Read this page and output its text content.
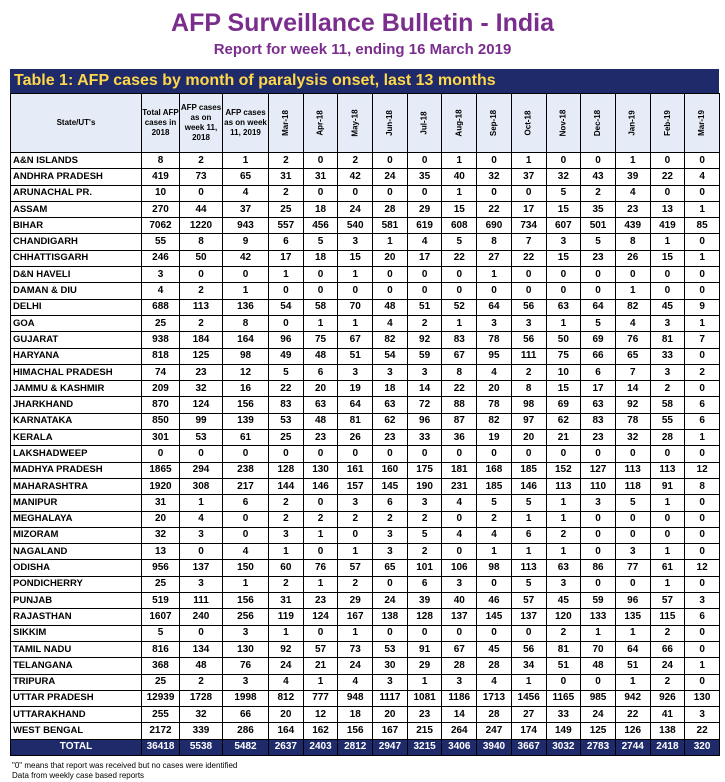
AFP Surveillance Bulletin - India
Report for week 11, ending 16 March 2019
Table 1: AFP cases by month of paralysis onset, last 13 months
State/UT's	Total AFP cases in 2018	AFP cases as on week 11, 2018	AFP cases as on week 11, 2019	Mar-18	Apr-18	May-18	Jun-18	Jul-18	Aug-18	Sep-18	Oct-18	Nov-18	Dec-18	Jan-19	Feb-19	Mar-19
A&N ISLANDS	8	2	1	2	0	2	0	0	1	0	1	0	0	1	0	0
ANDHRA PRADESH	419	73	65	31	31	42	24	35	40	32	37	32	43	39	22	4
ARUNACHAL PR.	10	0	4	2	0	0	0	0	1	0	0	5	2	4	0	0
ASSAM	270	44	37	25	18	24	28	29	15	22	17	15	35	23	13	1
BIHAR	7062	1220	943	557	456	540	581	619	608	690	734	607	501	439	419	85
CHANDIGARH	55	8	9	6	5	3	1	4	5	8	7	3	5	8	1	0
CHHATTISGARH	246	50	42	17	18	15	20	17	22	27	22	15	23	26	15	1
D&N HAVELI	3	0	0	1	0	1	0	0	0	1	0	0	0	0	0	0
DAMAN & DIU	4	2	1	0	0	0	0	0	0	0	0	0	0	1	0	0
DELHI	688	113	136	54	58	70	48	51	52	64	56	63	64	82	45	9
GOA	25	2	8	0	1	1	4	2	1	3	3	1	5	4	3	1
GUJARAT	938	184	164	96	75	67	82	92	83	78	56	50	69	76	81	7
HARYANA	818	125	98	49	48	51	54	59	67	95	111	75	66	65	33	0
HIMACHAL PRADESH	74	23	12	5	6	3	3	3	8	4	2	10	6	7	3	2
JAMMU & KASHMIR	209	32	16	22	20	19	18	14	22	20	8	15	17	14	2	0
JHARKHAND	870	124	156	83	63	64	63	72	88	78	98	69	63	92	58	6
KARNATAKA	850	99	139	53	48	81	62	96	87	82	97	62	83	78	55	6
KERALA	301	53	61	25	23	26	23	33	36	19	20	21	23	32	28	1
LAKSHADWEEP	0	0	0	0	0	0	0	0	0	0	0	0	0	0	0	0
MADHYA PRADESH	1865	294	238	128	130	161	160	175	181	168	185	152	127	113	113	12
MAHARASHTRA	1920	308	217	144	146	157	145	190	231	185	146	113	110	118	91	8
MANIPUR	31	1	6	2	0	3	6	3	4	5	5	1	3	5	1	0
MEGHALAYA	20	4	0	2	2	2	2	2	0	2	1	1	0	0	0	0
MIZORAM	32	3	0	3	1	0	3	5	4	4	6	2	0	0	0	0
NAGALAND	13	0	4	1	0	1	3	2	0	1	1	1	0	3	1	0
ODISHA	956	137	150	60	76	57	65	101	106	98	113	63	86	77	61	12
PONDICHERRY	25	3	1	2	1	2	0	6	3	0	5	3	0	0	1	0
PUNJAB	519	111	156	31	23	29	24	39	40	46	57	45	59	96	57	3
RAJASTHAN	1607	240	256	119	124	167	138	128	137	145	137	120	133	135	115	6
SIKKIM	5	0	3	1	0	1	0	0	0	0	0	2	1	1	2	0
TAMIL NADU	816	134	130	92	57	73	53	91	67	45	56	81	70	64	66	0
TELANGANA	368	48	76	24	21	24	30	29	28	28	34	51	48	51	24	1
TRIPURA	25	2	3	4	1	4	3	1	3	4	1	0	0	1	2	0
UTTAR PRADESH	12939	1728	1998	812	777	948	1117	1081	1186	1713	1456	1165	985	942	926	130
UTTARAKHAND	255	32	66	20	12	18	20	23	14	28	27	33	24	22	41	3
WEST BENGAL	2172	339	286	164	162	156	167	215	264	247	174	149	125	126	138	22
TOTAL	36418	5538	5482	2637	2403	2812	2947	3215	3406	3940	3667	3032	2783	2744	2418	320
"0" means that report was received but no cases were identified
Data from weekly case based reports
